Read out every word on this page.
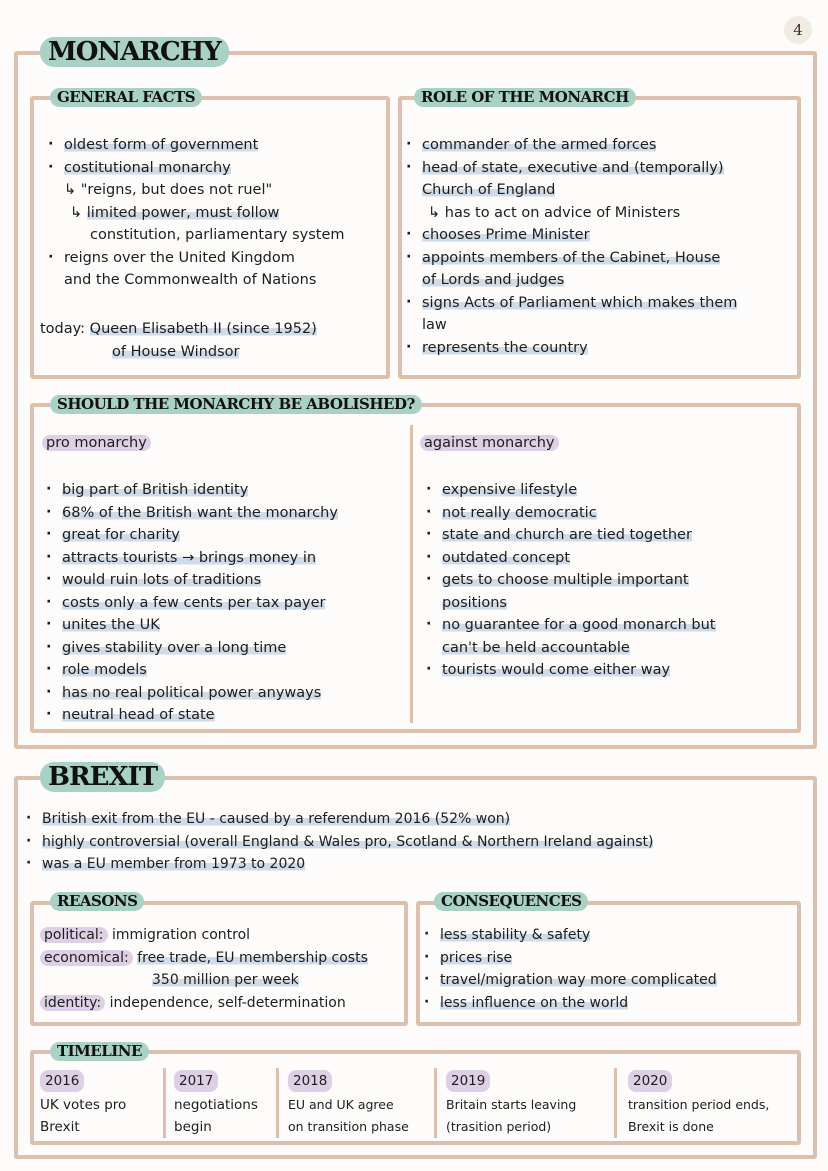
4
MONARCHY
GENERAL FACTS
· oldest form of government
· costitutional monarchy
↳ "reigns, but does not ruel"
↳ limited power, must follow
constitution, parliamentary system
· reigns over the United Kingdom
and the Commonwealth of Nations
today: Queen Elisabeth II (since 1952)
of House Windsor
ROLE OF THE MONARCH
· commander of the armed forces
· head of state, executive and (temporally)
Church of England
↳ has to act on advice of Ministers
· chooses Prime Minister
· appoints members of the Cabinet, House
of Lords and judges
· signs Acts of Parliament which makes them
law
· represents the country
SHOULD THE MONARCHY BE ABOLISHED?
pro monarchy
· big part of British identity
· 68% of the British want the monarchy
· great for charity
· attracts tourists → brings money in
· would ruin lots of traditions
· costs only a few cents per tax payer
· unites the UK
· gives stability over a long time
· role models
· has no real political power anyways
· neutral head of state
against monarchy
· expensive lifestyle
· not really democratic
· state and church are tied together
· outdated concept
· gets to choose multiple important
positions
· no guarantee for a good monarch but
can't be held accountable
· tourists would come either way
BREXIT
· British exit from the EU - caused by a referendum 2016 (52% won)
· highly controversial (overall England & Wales pro, Scotland & Northern Ireland against)
· was a EU member from 1973 to 2020
REASONS
political: immigration control
economical: free trade, EU membership costs
350 million per week
identity: independence, self-determination
CONSEQUENCES
· less stability & safety
· prices rise
· travel/migration way more complicated
· less influence on the world
TIMELINE
2016
UK votes pro
Brexit
2017
negotiations
begin
2018
EU and UK agree
on transition phase
2019
Britain starts leaving
(trasition period)
2020
transition period ends,
Brexit is done
